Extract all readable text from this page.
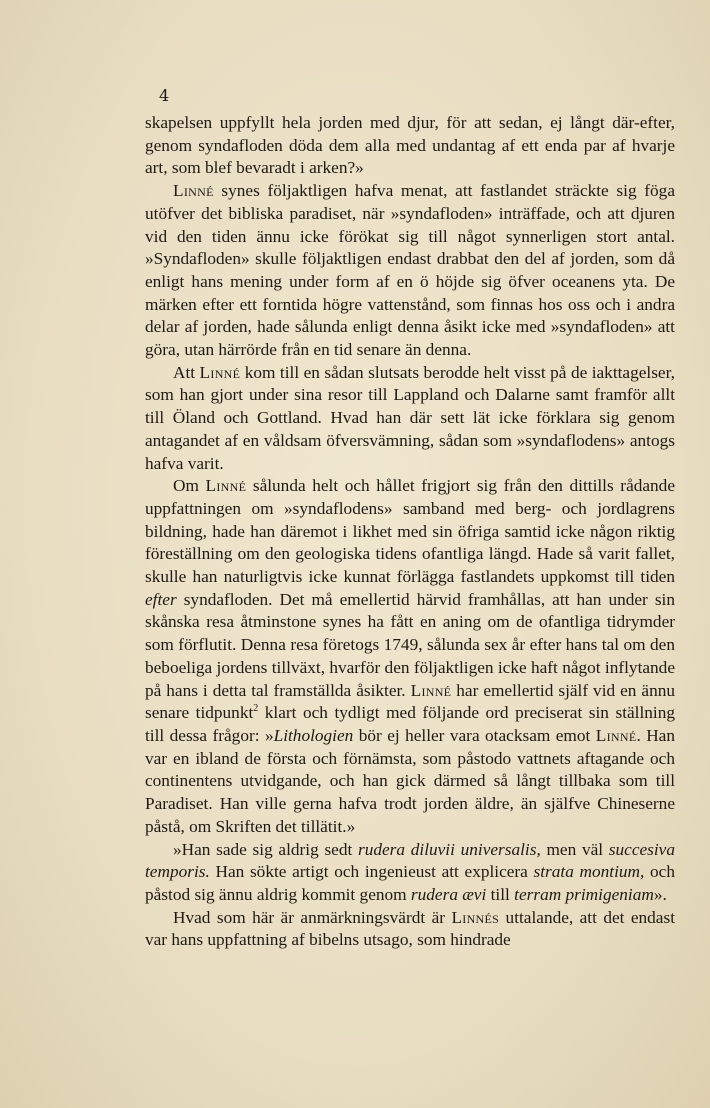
4

skapelsen uppfyllt hela jorden med djur, för att sedan, ej långt där-efter, genom syndafloden döda dem alla med undantag af ett enda par af hvarje art, som blef bevaradt i arken?»

Linné synes följaktligen hafva menat, att fastlandet sträckte sig föga utöfver det bibliska paradiset, när »syndafloden» inträffade, och att djuren vid den tiden ännu icke förökat sig till något synnerligen stort antal. »Syndafloden» skulle följaktligen endast drabbat den del af jorden, som då enligt hans mening under form af en ö höjde sig öfver oceanens yta. De märken efter ett forntida högre vattenstånd, som finnas hos oss och i andra delar af jorden, hade sålunda enligt denna åsikt icke med »syndafloden» att göra, utan härrörde från en tid senare än denna.

Att Linné kom till en sådan slutsats berodde helt visst på de iakttagelser, som han gjort under sina resor till Lappland och Dalarne samt framför allt till Öland och Gottland. Hvad han där sett lät icke förklara sig genom antagandet af en våldsam öfversvämning, sådan som »syndaflodens» antogs hafva varit.

Om Linné sålunda helt och hållet frigjort sig från den dittills rådande uppfattningen om »syndaflodens» samband med berg- och jordlagrens bildning, hade han däremot i likhet med sin öfriga samtid icke någon riktig föreställning om den geologiska tidens ofantliga längd. Hade så varit fallet, skulle han naturligtvis icke kunnat förlägga fastlandets uppkomst till tiden efter syndafloden. Det må emellertid härvid framhållas, att han under sin skånska resa åtminstone synes ha fått en aning om de ofantliga tidrymder som förflutit. Denna resa företogs 1749, sålunda sex år efter hans tal om den beboeliga jordens tillväxt, hvarför den följaktligen icke haft något inflytande på hans i detta tal framställda åsikter. Linné har emellertid själf vid en ännu senare tidpunkt$^2$ klart och tydligt med följande ord preciserat sin ställning till dessa frågor: »Lithologien bör ej heller vara otacksam emot Linné. Han var en ibland de första och förnämsta, som påstodo vattnets aftagande och continentens utvidgande, och han gick därmed så långt tillbaka som till Paradiset. Han ville gerna hafva trodt jorden äldre, än själfve Chineserne påstå, om Skriften det tillätit.»

»Han sade sig aldrig sedt rudera diluvii universalis, men väl succesiva temporis. Han sökte artigt och ingenieust att explicera strata montium, och påstod sig ännu aldrig kommit genom rudera ævi till terram primigeniam».

Hvad som här är anmärkningsvärdt är Linnés uttalande, att det endast var hans uppfattning af bibelns utsago, som hindrade
